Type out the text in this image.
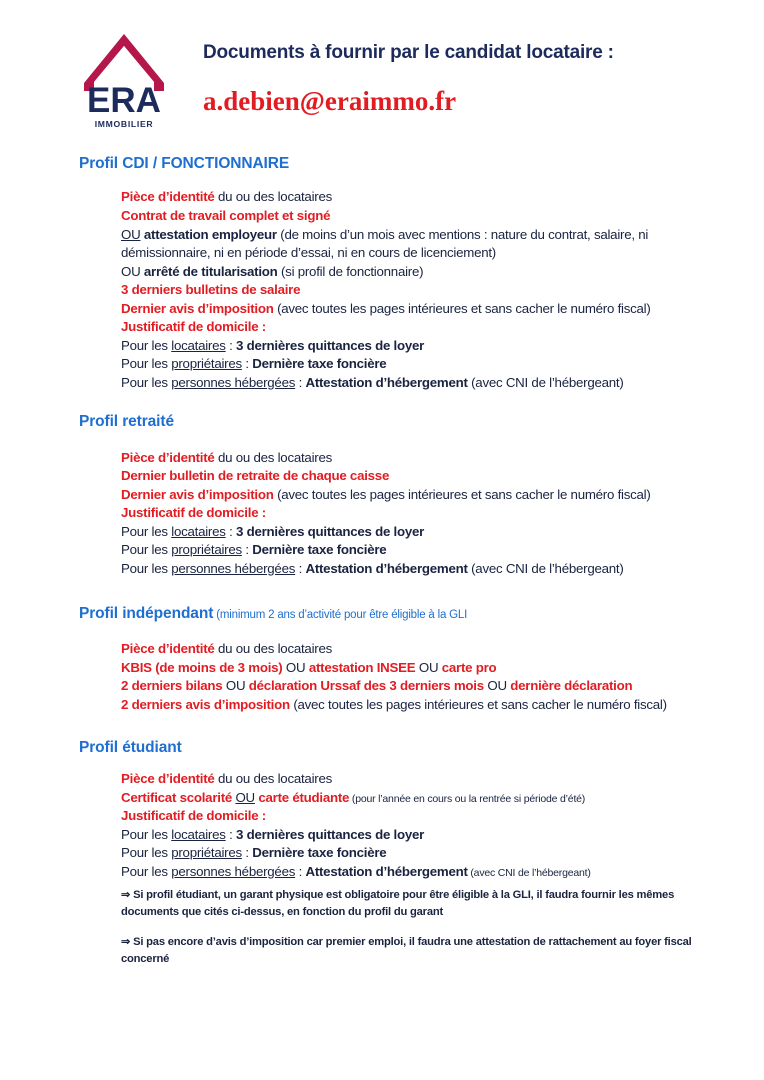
ERA
IMMOBILIER
Documents à fournir par le candidat locataire :
a.debien@eraimmo.fr
Profil CDI / FONCTIONNAIRE
Pièce d’identité du ou des locataires
Contrat de travail complet et signé
OU attestation employeur (de moins d’un mois avec mentions : nature du contrat, salaire, ni
démissionnaire, ni en période d’essai, ni en cours de licenciement)
OU arrêté de titularisation (si profil de fonctionnaire)
3 derniers bulletins de salaire
Dernier avis d’imposition (avec toutes les pages intérieures et sans cacher le numéro fiscal)
Justificatif de domicile :
Pour les locataires : 3 dernières quittances de loyer
Pour les propriétaires : Dernière taxe foncière
Pour les personnes hébergées : Attestation d’hébergement (avec CNI de l’hébergeant)
Profil retraité
Pièce d’identité du ou des locataires
Dernier bulletin de retraite de chaque caisse
Dernier avis d’imposition (avec toutes les pages intérieures et sans cacher le numéro fiscal)
Justificatif de domicile :
Pour les locataires : 3 dernières quittances de loyer
Pour les propriétaires : Dernière taxe foncière
Pour les personnes hébergées : Attestation d’hébergement (avec CNI de l’hébergeant)
Profil indépendant (minimum 2 ans d’activité pour être éligible à la GLI
Pièce d’identité du ou des locataires
KBIS (de moins de 3 mois) OU attestation INSEE OU carte pro
2 derniers bilans OU déclaration Urssaf des 3 derniers mois OU dernière déclaration
2 derniers avis d’imposition (avec toutes les pages intérieures et sans cacher le numéro fiscal)
Profil étudiant
Pièce d’identité du ou des locataires
Certificat scolarité OU carte étudiante (pour l’année en cours ou la rentrée si période d’été)
Justificatif de domicile :
Pour les locataires : 3 dernières quittances de loyer
Pour les propriétaires : Dernière taxe foncière
Pour les personnes hébergées : Attestation d’hébergement (avec CNI de l’hébergeant)
⇒ Si profil étudiant, un garant physique est obligatoire pour être éligible à la GLI, il faudra fournir les mêmes
documents que cités ci-dessus, en fonction du profil du garant
⇒ Si pas encore d’avis d’imposition car premier emploi, il faudra une attestation de rattachement au foyer fiscal
concerné
